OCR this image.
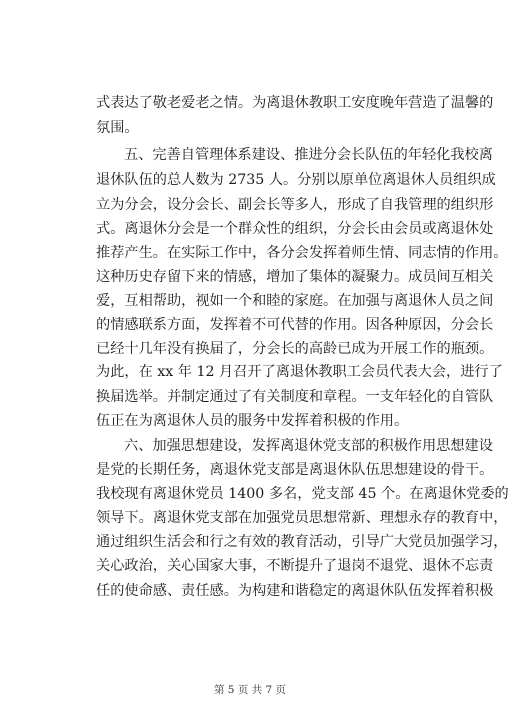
式表达了敬老爱老之情。为离退休教职工安度晚年营造了温馨的
氛围。
五、完善自管理体系建设、推进分会长队伍的年轻化我校离
退休队伍的总人数为 2735 人。分别以原单位离退休人员组织成
立为分会，设分会长、副会长等多人，形成了自我管理的组织形
式。离退休分会是一个群众性的组织，分会长由会员或离退休处
推荐产生。在实际工作中，各分会发挥着师生情、同志情的作用。
这种历史存留下来的情感，增加了集体的凝聚力。成员间互相关
爱，互相帮助，视如一个和睦的家庭。在加强与离退休人员之间
的情感联系方面，发挥着不可代替的作用。因各种原因，分会长
已经十几年没有换届了，分会长的高龄已成为开展工作的瓶颈。
为此，在 xx 年 12 月召开了离退休教职工会员代表大会，进行了
换届选举。并制定通过了有关制度和章程。一支年轻化的自管队
伍正在为离退休人员的服务中发挥着积极的作用。
六、加强思想建设，发挥离退休党支部的积极作用思想建设
是党的长期任务，离退休党支部是离退休队伍思想建设的骨干。
我校现有离退休党员 1400 多名，党支部 45 个。在离退休党委的
领导下。离退休党支部在加强党员思想常新、理想永存的教育中，
通过组织生活会和行之有效的教育活动，引导广大党员加强学习，
关心政治，关心国家大事，不断提升了退岗不退党、退休不忘责
任的使命感、责任感。为构建和谐稳定的离退休队伍发挥着积极
第 5 页 共 7 页
